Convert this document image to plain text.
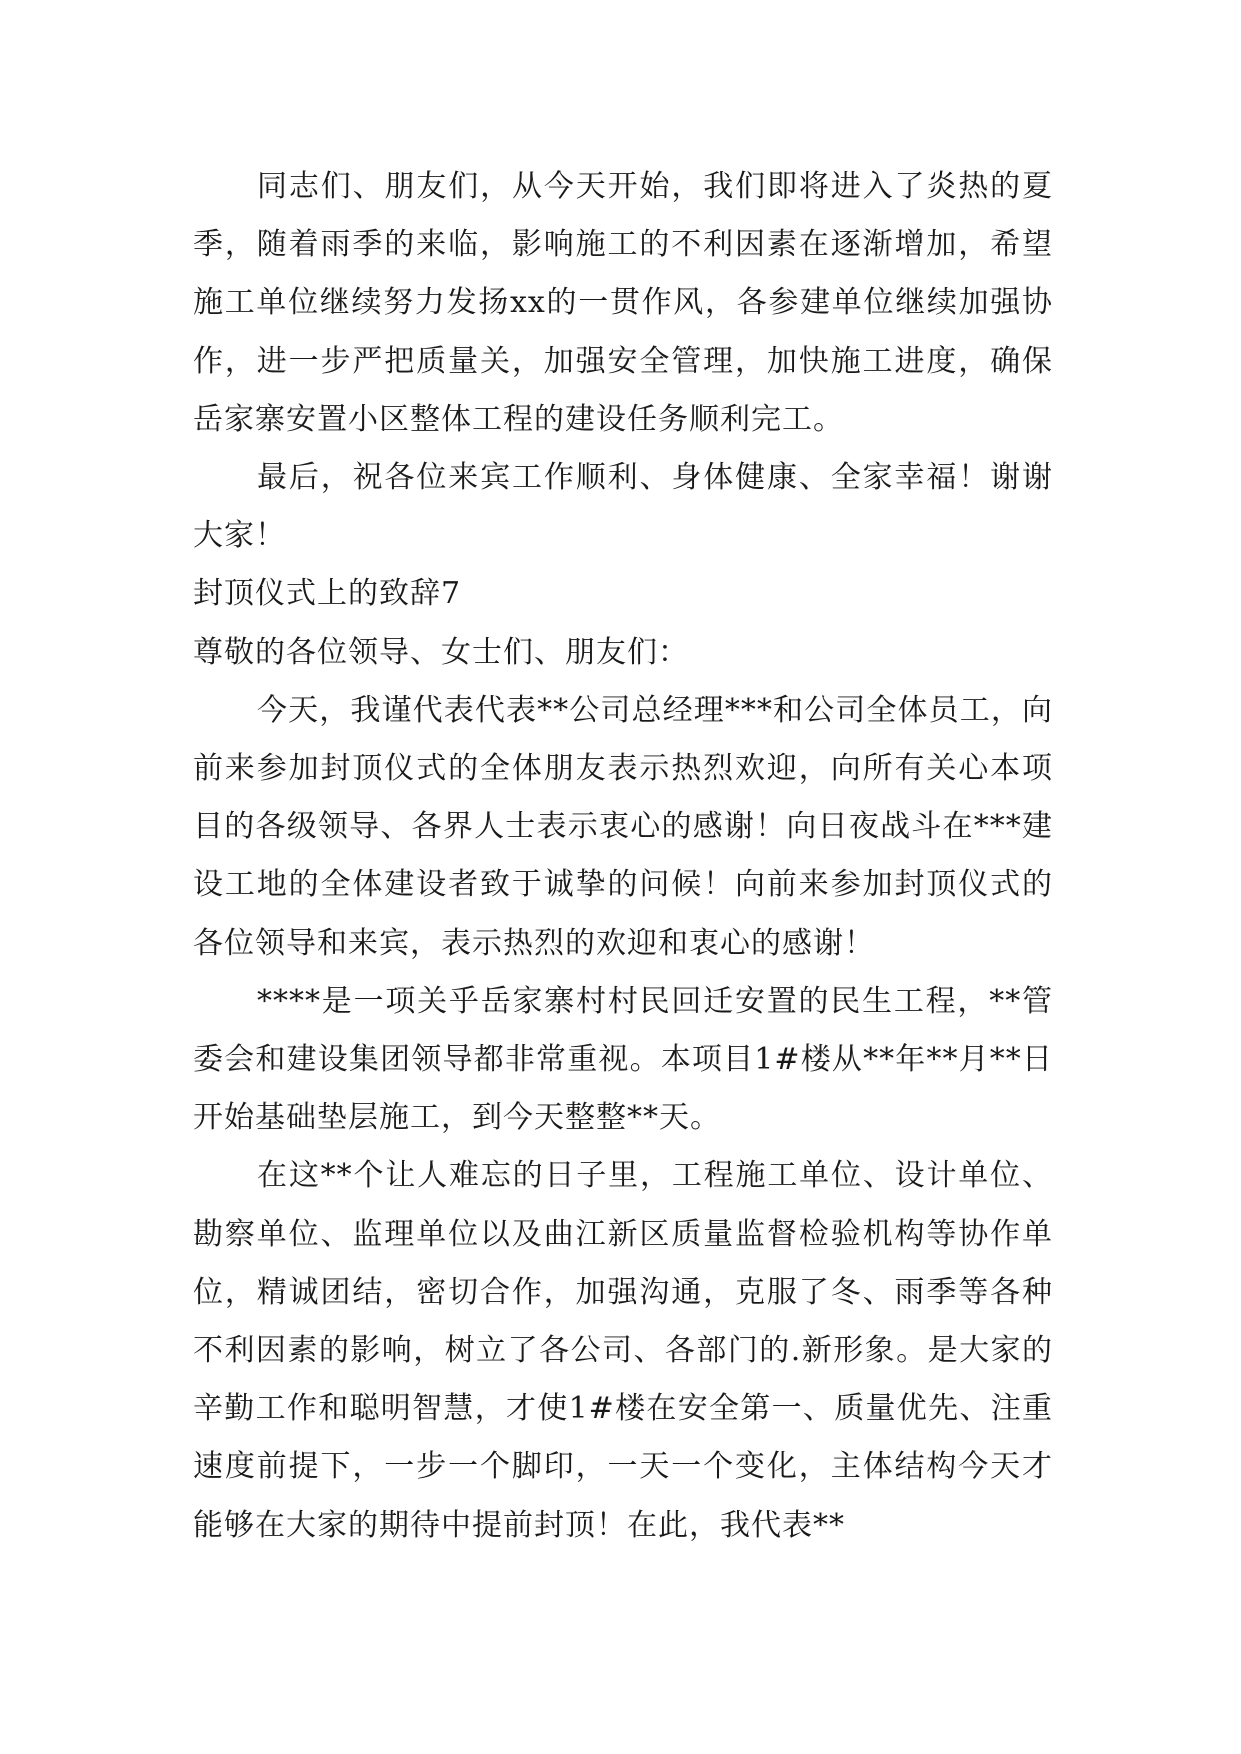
同志们、朋友们，从今天开始，我们即将进入了炎热的夏季，随着雨季的来临，影响施工的不利因素在逐渐增加，希望施工单位继续努力发扬xx的一贯作风，各参建单位继续加强协作，进一步严把质量关，加强安全管理，加快施工进度，确保岳家寨安置小区整体工程的建设任务顺利完工。

最后，祝各位来宾工作顺利、身体健康、全家幸福！谢谢大家！

封顶仪式上的致辞7

尊敬的各位领导、女士们、朋友们：

今天，我谨代表代表**公司总经理***和公司全体员工，向前来参加封顶仪式的全体朋友表示热烈欢迎，向所有关心本项目的各级领导、各界人士表示衷心的感谢！向日夜战斗在***建设工地的全体建设者致于诚挚的问候！向前来参加封顶仪式的各位领导和来宾，表示热烈的欢迎和衷心的感谢！

****是一项关乎岳家寨村村民回迁安置的民生工程，**管委会和建设集团领导都非常重视。本项目1#楼从**年**月**日开始基础垫层施工，到今天整整**天。

在这**个让人难忘的日子里，工程施工单位、设计单位、勘察单位、监理单位以及曲江新区质量监督检验机构等协作单位，精诚团结，密切合作，加强沟通，克服了冬、雨季等各种不利因素的影响，树立了各公司、各部门的.新形象。是大家的辛勤工作和聪明智慧，才使1#楼在安全第一、质量优先、注重速度前提下，一步一个脚印，一天一个变化，主体结构今天才能够在大家的期待中提前封顶！在此，我代表**
